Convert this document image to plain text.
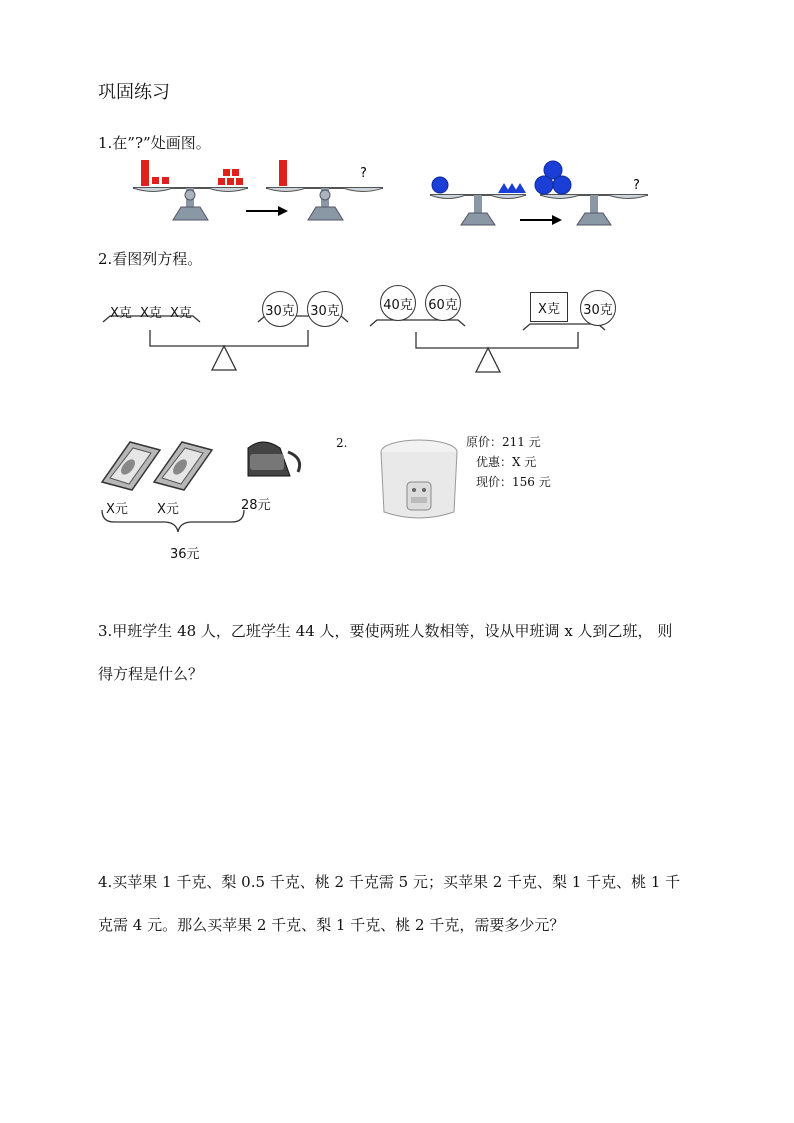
巩固练习
1.在”?”处画图。
?
?
2.看图列方程。
X克 X克 X克	30克 30克	40克 60克	X克	30克
X元 X元	28元
36元
2.	原价：211 元
优惠：X 元
现价：156 元
3.甲班学生 48 人，乙班学生 44 人，要使两班人数相等，设从甲班调 x 人到乙班， 则
得方程是什么？
4.买苹果 1 千克、梨 0.5 千克、桃 2 千克需 5 元；买苹果 2 千克、梨 1 千克、桃 1 千
克需 4 元。那么买苹果 2 千克、梨 1 千克、桃 2 千克，需要多少元？
